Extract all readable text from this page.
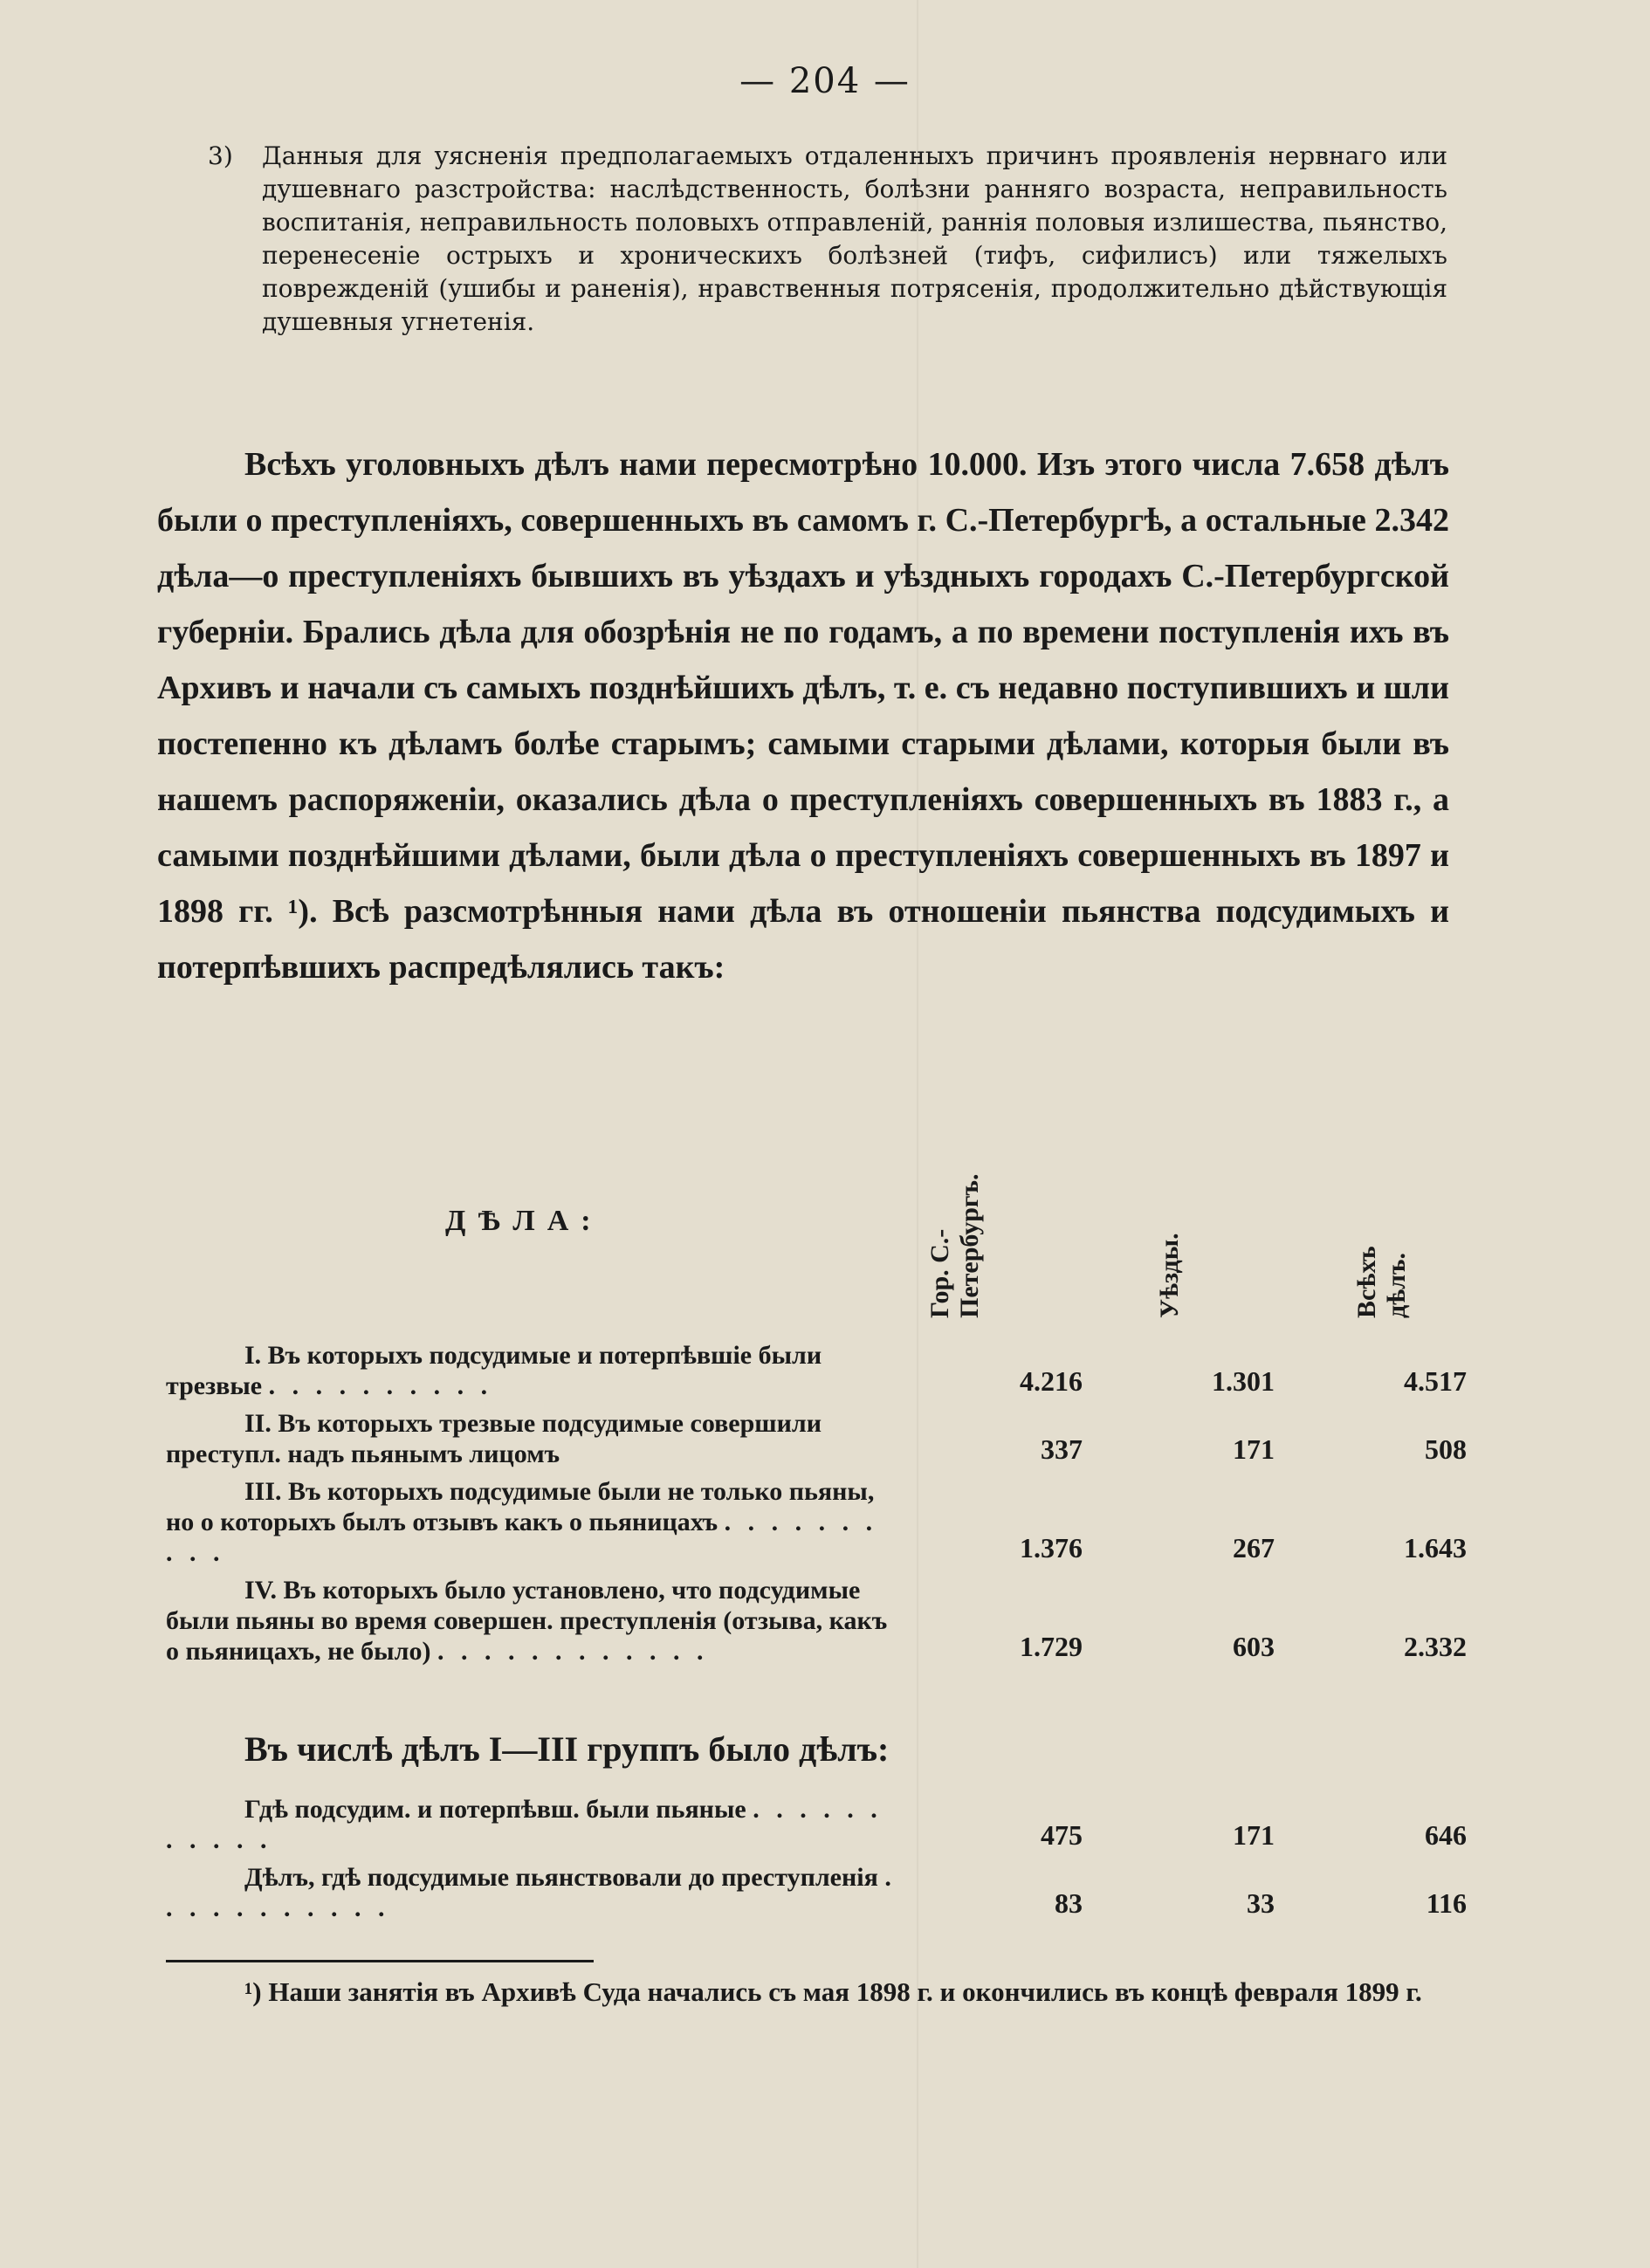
— 204 —
3) Данныя для уясненія предполагаемыхъ отдаленныхъ причинъ проявленія нервнаго или душевнаго разстройства: наслѣдственность, болѣзни ранняго возраста, неправильность воспитанія, неправильность половыхъ отправленій, раннія половыя излишества, пьянство, перенесеніе острыхъ и хроническихъ болѣзней (тифъ, сифилисъ) или тяжелыхъ поврежденій (ушибы и раненія), нравственныя потрясенія, продолжительно дѣйствующія душевныя угнетенія.
Всѣхъ уголовныхъ дѣлъ нами пересмотрѣно 10.000. Изъ этого числа 7.658 дѣлъ были о преступленіяхъ, совершенныхъ въ самомъ г. С.-Петербургѣ, а остальные 2.342 дѣла—о преступленіяхъ бывшихъ въ уѣздахъ и уѣздныхъ городахъ С.-Петербургской губерніи. Брались дѣла для обозрѣнія не по годамъ, а по времени поступленія ихъ въ Архивъ и начали съ самыхъ позднѣйшихъ дѣлъ, т. е. съ недавно поступившихъ и шли постепенно къ дѣламъ болѣе старымъ; самыми старыми дѣлами, которыя были въ нашемъ распоряженіи, оказались дѣла о преступленіяхъ совершенныхъ въ 1883 г., а самыми позднѣйшими дѣлами, были дѣла о преступленіяхъ совершенныхъ въ 1897 и 1898 гг. ¹). Всѣ разсмотрѣнныя нами дѣла въ отношеніи пьянства подсудимыхъ и потерпѣвшихъ распредѣлялись такъ:
ДѢЛА:
Гор. С.-Петербургъ.	Уѣзды.	Всѣхъ дѣлъ.
I. Въ которыхъ подсудимые и потерпѣвшіе были трезвые . . . . . . . . . .	4.216	1.301	4.517
II. Въ которыхъ трезвые подсудимые совершили преступл. надъ пьянымъ лицомъ	337	171	508
III. Въ которыхъ подсудимые были не только пьяны, но о которыхъ былъ отзывъ какъ о пьяницахъ . . . . . . . . . .	1.376	267	1.643
IV. Въ которыхъ было установлено, что подсудимые были пьяны во время совершен. преступленія (отзыва, какъ о пьяницахъ, не было) . . . . . . . . . . . .	1.729	603	2.332
Въ числѣ дѣлъ I—III группъ было дѣлъ:
Гдѣ подсудим. и потерпѣвш. были пьяные . . . . . . . . . . .	475	171	646
Дѣлъ, гдѣ подсудимые пьянствовали до преступленія . . . . . . . . . . .	83	33	116
¹) Наши занятія въ Архивѣ Суда начались съ мая 1898 г. и окончились въ концѣ февраля 1899 г.
